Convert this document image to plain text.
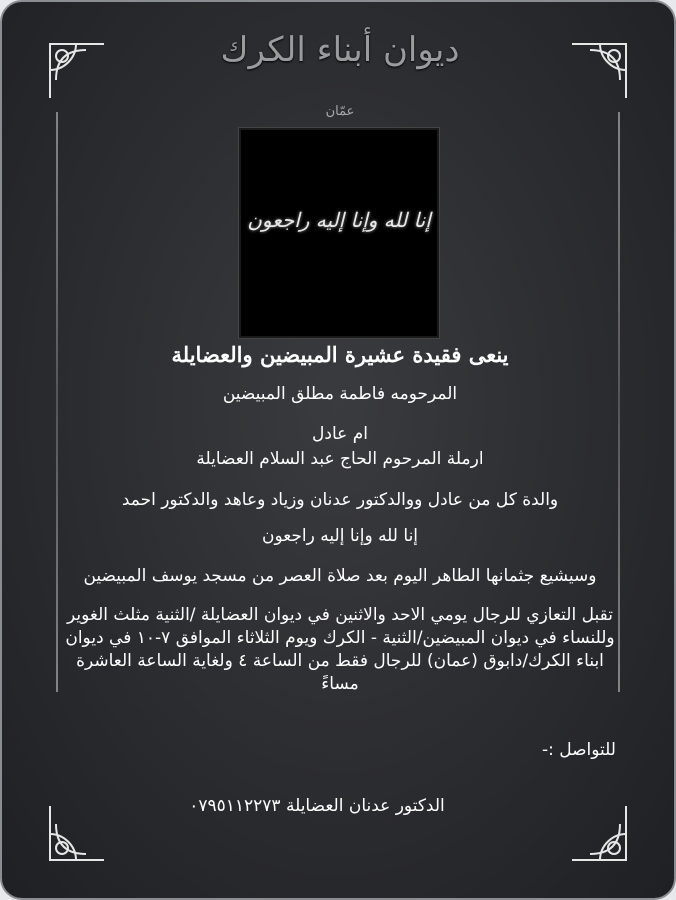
ديوان أبناء الكرك
عمّان
إنا لله وإنا إليه راجعون
ينعى فقيدة عشيرة المبيضين والعضايلة
المرحومه فاطمة مطلق المبيضين
ام عادل
ارملة المرحوم الحاج عبد السلام العضايلة
والدة كل من عادل ووالدكتور عدنان وزياد وعاهد والدكتور احمد
إنا لله وإنا إليه راجعون
وسيشيع جثمانها الطاهر اليوم بعد صلاة العصر من مسجد يوسف المبيضين
تقبل التعازي للرجال يومي الاحد والاثنين في ديوان العضايلة /الثنية مثلث الغوير وللنساء في ديوان المبيضين/الثنية - الكرك ويوم الثلاثاء الموافق ٧-١٠ في ديوان ابناء الكرك/دابوق (عمان) للرجال فقط من الساعة ٤ ولغاية الساعة العاشرة مساءً
للتواصل :-
الدكتور عدنان العضايلة ٠٧٩٥١١٢٢٧٣
